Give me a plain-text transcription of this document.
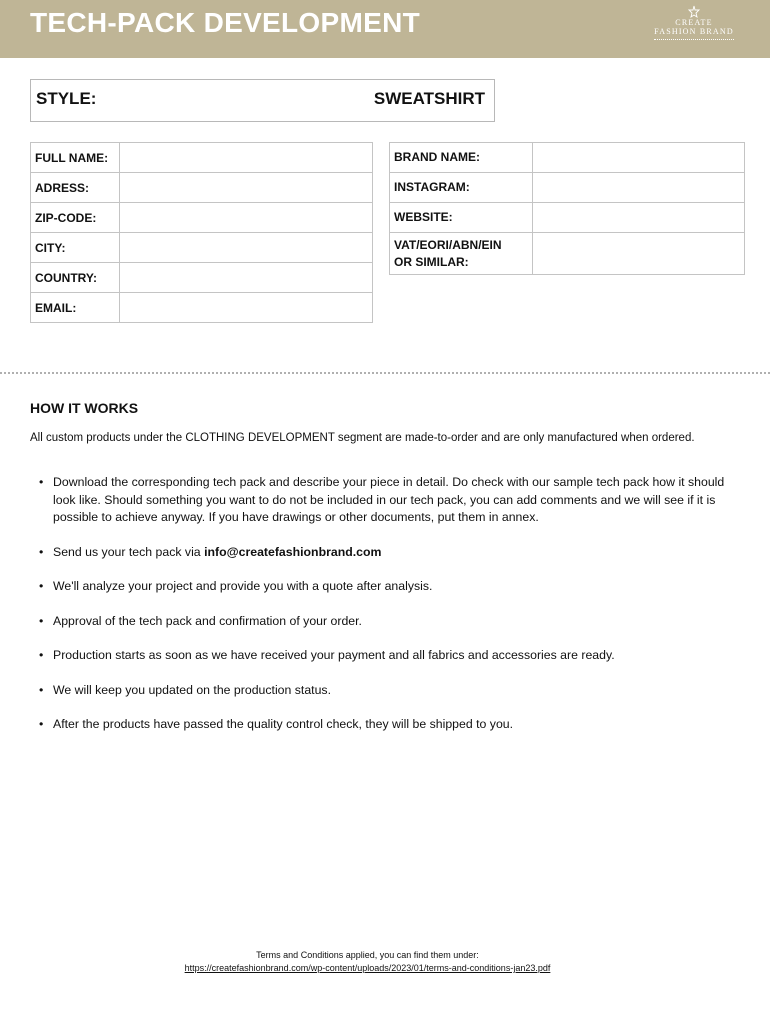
TECH-PACK DEVELOPMENT	CREATE
FASHION BRAND
STYLE:	SWEATSHIRT
FULL NAME:	
ADRESS:	
ZIP-CODE:	
CITY:	
COUNTRY:	
EMAIL:	
BRAND NAME:	
INSTAGRAM:	
WEBSITE:	

VAT/EORI/ABN/EIN
OR SIMILAR:	

HOW IT WORKS
All custom products under the CLOTHING DEVELOPMENT segment are made-to-order and are only manufactured when ordered.
• Download the corresponding tech pack and describe your piece in detail. Do check with our sample tech pack how it should look like. Should something you want to do not be included in our tech pack, you can add comments and we will see if it is possible to achieve anyway. If you have drawings or other documents, put them in annex.
• Send us your tech pack via info@createfashionbrand.com
• We'll analyze your project and provide you with a quote after analysis.
• Approval of the tech pack and confirmation of your order.
• Production starts as soon as we have received your payment and all fabrics and accessories are ready.
• We will keep you updated on the production status.
• After the products have passed the quality control check, they will be shipped to you.
Terms and Conditions applied, you can find them under:
https://createfashionbrand.com/wp-content/uploads/2023/01/terms-and-conditions-jan23.pdf
